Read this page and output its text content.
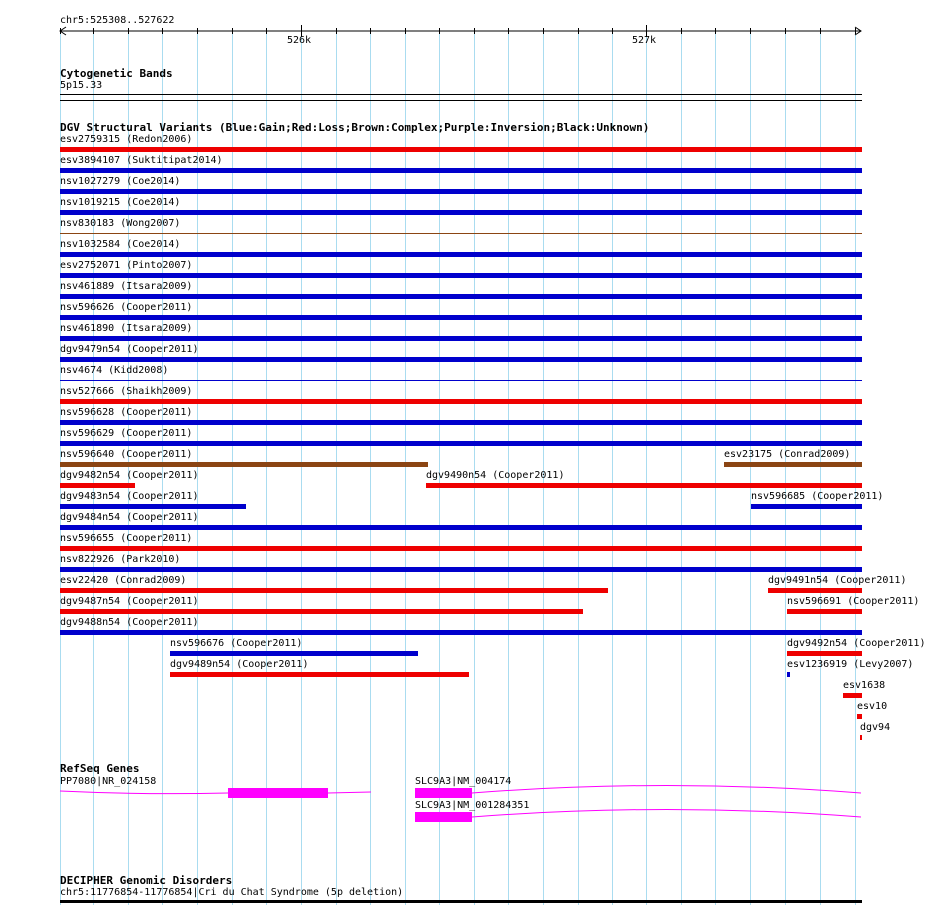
chr5:525308..527622
526k	527k
Cytogenetic Bands
5p15.33
DGV Structural Variants (Blue:Gain;Red:Loss;Brown:Complex;Purple:Inversion;Black:Unknown)
esv2759315 (Redon2006)
esv3894107 (Suktitipat2014)
nsv1027279 (Coe2014)
nsv1019215 (Coe2014)
nsv830183 (Wong2007)
nsv1032584 (Coe2014)
esv2752071 (Pinto2007)
nsv461889 (Itsara2009)
nsv596626 (Cooper2011)
nsv461890 (Itsara2009)
dgv9479n54 (Cooper2011)
nsv4674 (Kidd2008)
nsv527666 (Shaikh2009)
nsv596628 (Cooper2011)
nsv596629 (Cooper2011)
nsv596640 (Cooper2011)	esv23175 (Conrad2009)
dgv9482n54 (Cooper2011)	dgv9490n54 (Cooper2011)
dgv9483n54 (Cooper2011)	nsv596685 (Cooper2011)
dgv9484n54 (Cooper2011)
nsv596655 (Cooper2011)
nsv822926 (Park2010)
esv22420 (Conrad2009)	dgv9491n54 (Cooper2011)
dgv9487n54 (Cooper2011)	nsv596691 (Cooper2011)
dgv9488n54 (Cooper2011)
nsv596676 (Cooper2011)	dgv9492n54 (Cooper2011)
dgv9489n54 (Cooper2011)	esv1236919 (Levy2007)
esv1638
esv10
dgv94
RefSeq Genes
PP7080|NR_024158	SLC9A3|NM_004174
SLC9A3|NM_001284351
DECIPHER Genomic Disorders
chr5:11776854-11776854|Cri du Chat Syndrome (5p deletion)
